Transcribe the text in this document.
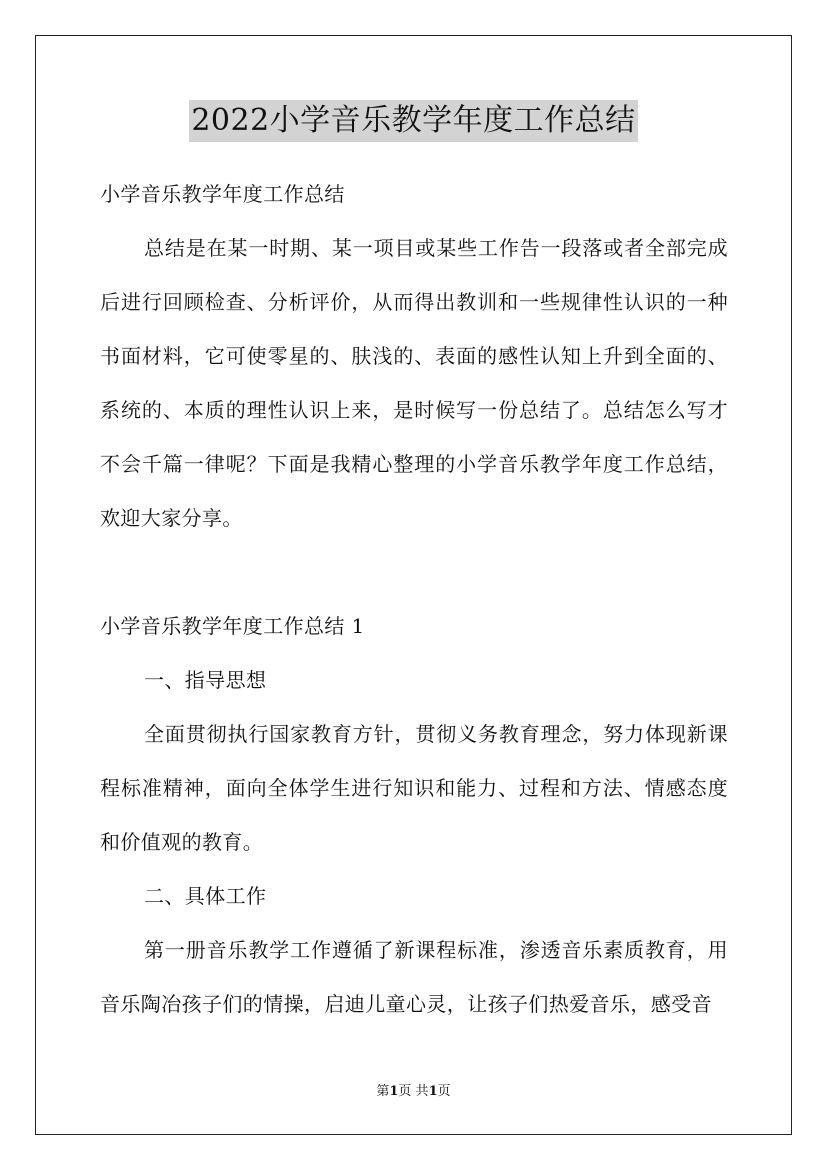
2022小学音乐教学年度工作总结

小学音乐教学年度工作总结

总结是在某一时期、某一项目或某些工作告一段落或者全部完成后进行回顾检查、分析评价，从而得出教训和一些规律性认识的一种书面材料，它可使零星的、肤浅的、表面的感性认知上升到全面的、系统的、本质的理性认识上来，是时候写一份总结了。总结怎么写才不会千篇一律呢？下面是我精心整理的小学音乐教学年度工作总结，欢迎大家分享。

小学音乐教学年度工作总结 1

一、指导思想

全面贯彻执行国家教育方针，贯彻义务教育理念，努力体现新课程标准精神，面向全体学生进行知识和能力、过程和方法、情感态度和价值观的教育。

二、具体工作

第一册音乐教学工作遵循了新课程标准，渗透音乐素质教育，用音乐陶冶孩子们的情操，启迪儿童心灵，让孩子们热爱音乐，感受音

第1页 共1页
